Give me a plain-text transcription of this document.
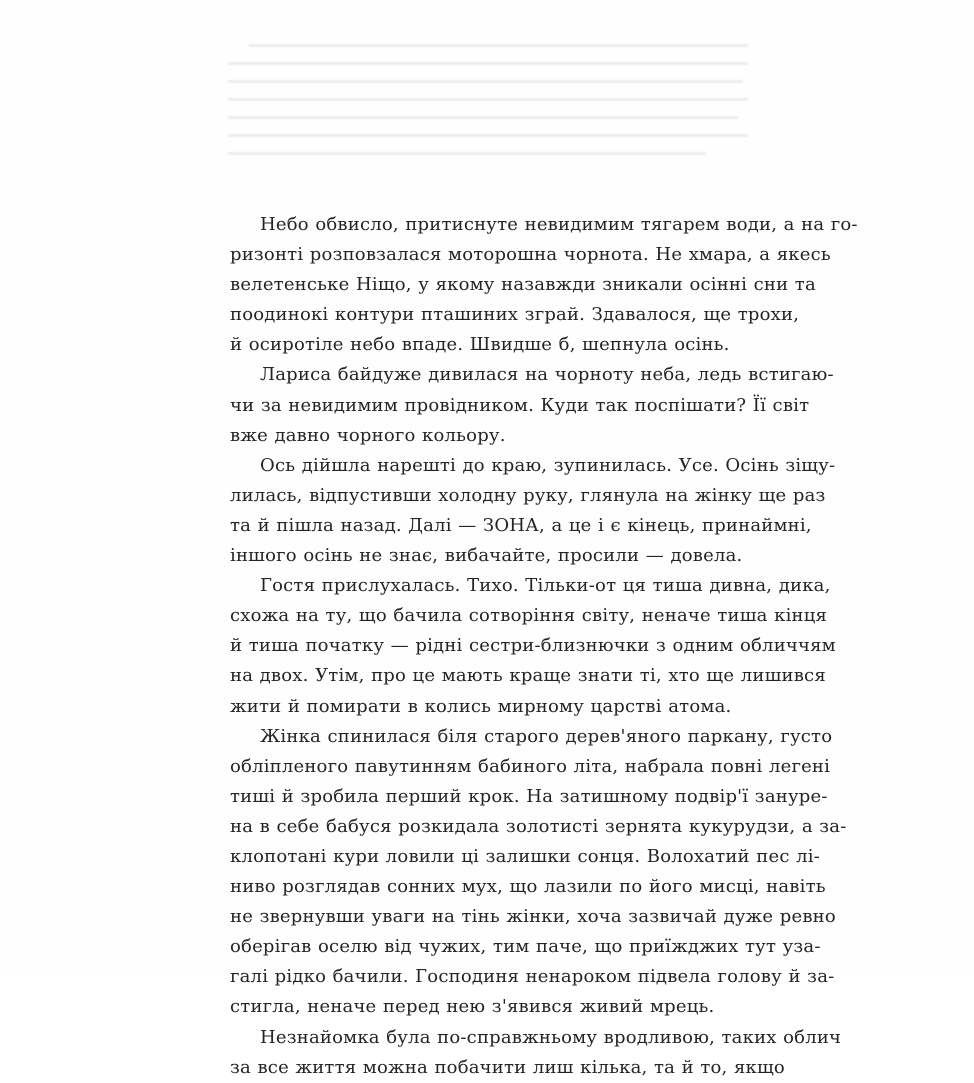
Небо обвисло, притиснуте невидимим тягарем води, а на го-
ризонті розповзалася моторошна чорнота. Не хмара, а якесь
велетенське Ніщо, у якому назавжди зникали осінні сни та
поодинокі контури пташиних зграй. Здавалося, ще трохи,
й осиротіле небо впаде. Швидше б, шепнула осінь.

Лариса байдуже дивилася на чорноту неба, ледь встигаю-
чи за невидимим провідником. Куди так поспішати? Її світ
вже давно чорного кольору.

Ось дійшла нарешті до краю, зупинилась. Усе. Осінь зіщу-
лилась, відпустивши холодну руку, глянула на жінку ще раз
та й пішла назад. Далі — ЗОНА, а це і є кінець, принаймні,
іншого осінь не знає, вибачайте, просили — довела.

Гостя прислухалась. Тихо. Тільки-от ця тиша дивна, дика,
схожа на ту, що бачила сотворіння світу, неначе тиша кінця
й тиша початку — рідні сестри-близнючки з одним обличчям
на двох. Утім, про це мають краще знати ті, хто ще лишився
жити й помирати в колись мирному царстві атома.

Жінка спинилася біля старого дерев'яного паркану, густо
обліпленого павутинням бабиного літа, набрала повні легені
тиші й зробила перший крок. На затишному подвір'ї зануре-
на в себе бабуся розкидала золотисті зернята кукурудзи, а за-
клопотані кури ловили ці залишки сонця. Волохатий пес лі-
ниво розглядав сонних мух, що лазили по його мисці, навіть
не звернувши уваги на тінь жінки, хоча зазвичай дуже ревно
оберігав оселю від чужих, тим паче, що приїжджих тут уза-
галі рідко бачили. Господиня ненароком підвела голову й за-
стигла, неначе перед нею з'явився живий мрець.

Незнайомка була по-справжньому вродливою, таких облич
за все життя можна побачити лиш кілька, та й то, якщо
